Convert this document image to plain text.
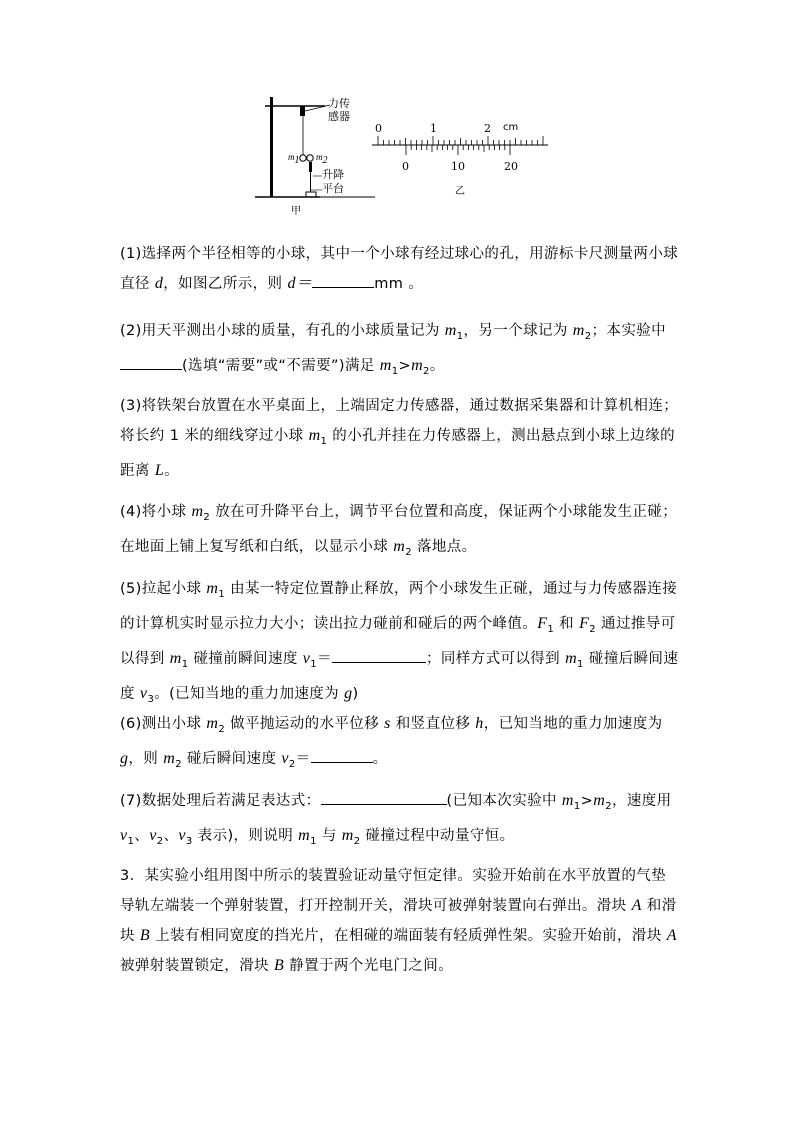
力传
感器
$m_1$ $m_2$
升降
平台
甲
0	1	2 cm
0	10	20
乙
(1)选择两个半径相等的小球，其中一个小球有经过球心的孔，用游标卡尺测量两小球直径 d，如图乙所示，则 d＝	mm 。
(2)用天平测出小球的质量，有孔的小球质量记为 $m_1$，另一个球记为 $m_2$；本实验中(选填“需要”或“不需要”)满足 $m_1>m_2$。
(3)将铁架台放置在水平桌面上，上端固定力传感器，通过数据采集器和计算机相连；将长约 1 米的细线穿过小球 $m_1$ 的小孔并挂在力传感器上，测出悬点到小球上边缘的距离 L。
(4)将小球 $m_2$ 放在可升降平台上，调节平台位置和高度，保证两个小球能发生正碰；在地面上铺上复写纸和白纸，以显示小球 $m_2$ 落地点。
(5)拉起小球 $m_1$ 由某一特定位置静止释放，两个小球发生正碰，通过与力传感器连接的计算机实时显示拉力大小；读出拉力碰前和碰后的两个峰值。$F_1$ 和 $F_2$ 通过推导可以得到 $m_1$ 碰撞前瞬间速度 $v_1=$	；同样方式可以得到 $m_1$ 碰撞后瞬间速度 $v_3$。(已知当地的重力加速度为 g)
(6)测出小球 $m_2$ 做平抛运动的水平位移 s 和竖直位移 h，已知当地的重力加速度为 g，则 $m_2$ 碰后瞬间速度 $v_2=$	。
(7)数据处理后若满足表达式：	(已知本次实验中 $m_1>m_2$，速度用 $v_1$、$v_2$、$v_3$ 表示)，则说明 $m_1$ 与 $m_2$ 碰撞过程中动量守恒。
3．某实验小组用图中所示的装置验证动量守恒定律。实验开始前在水平放置的气垫导轨左端装一个弹射装置，打开控制开关，滑块可被弹射装置向右弹出。滑块 A 和滑块 B 上装有相同宽度的挡光片，在相碰的端面装有轻质弹性架。实验开始前，滑块 A 被弹射装置锁定，滑块 B 静置于两个光电门之间。
